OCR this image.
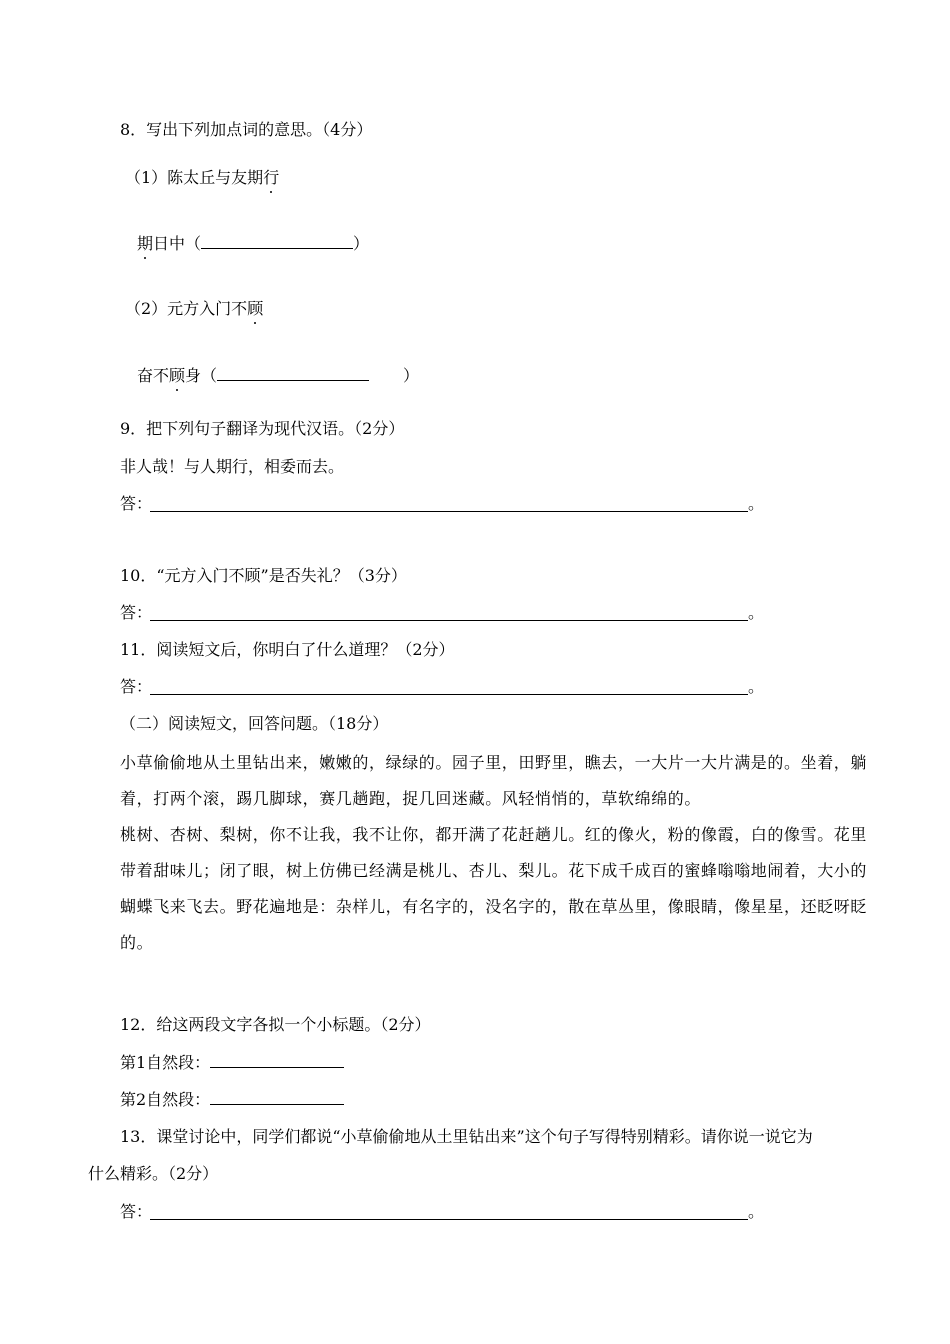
8．写出下列加点词的意思。（4分）
（1）陈太丘与友期行
期日中（	）
（2）元方入门不顾
奋不顾身（	）
9．把下列句子翻译为现代汉语。（2分）
非人哉！与人期行，相委而去。
答：	。
10．“元方入门不顾”是否失礼？（3分）
答：	。
11．阅读短文后，你明白了什么道理？（2分）
答：	。
（二）阅读短文，回答问题。（18分）
小草偷偷地从土里钻出来，嫩嫩的，绿绿的。园子里，田野里，瞧去，一大片一大片满是的。坐着，躺着，打两个滚，踢几脚球，赛几趟跑，捉几回迷藏。风轻悄悄的，草软绵绵的。
桃树、杏树、梨树，你不让我，我不让你，都开满了花赶趟儿。红的像火，粉的像霞，白的像雪。花里带着甜味儿；闭了眼，树上仿佛已经满是桃儿、杏儿、梨儿。花下成千成百的蜜蜂嗡嗡地闹着，大小的蝴蝶飞来飞去。野花遍地是：杂样儿，有名字的，没名字的，散在草丛里，像眼睛，像星星，还眨呀眨的。
12．给这两段文字各拟一个小标题。（2分）
第1自然段：
第2自然段：
13．课堂讨论中，同学们都说“小草偷偷地从土里钻出来”这个句子写得特别精彩。请你说一说它为
什么精彩。（2分）
答：	。
